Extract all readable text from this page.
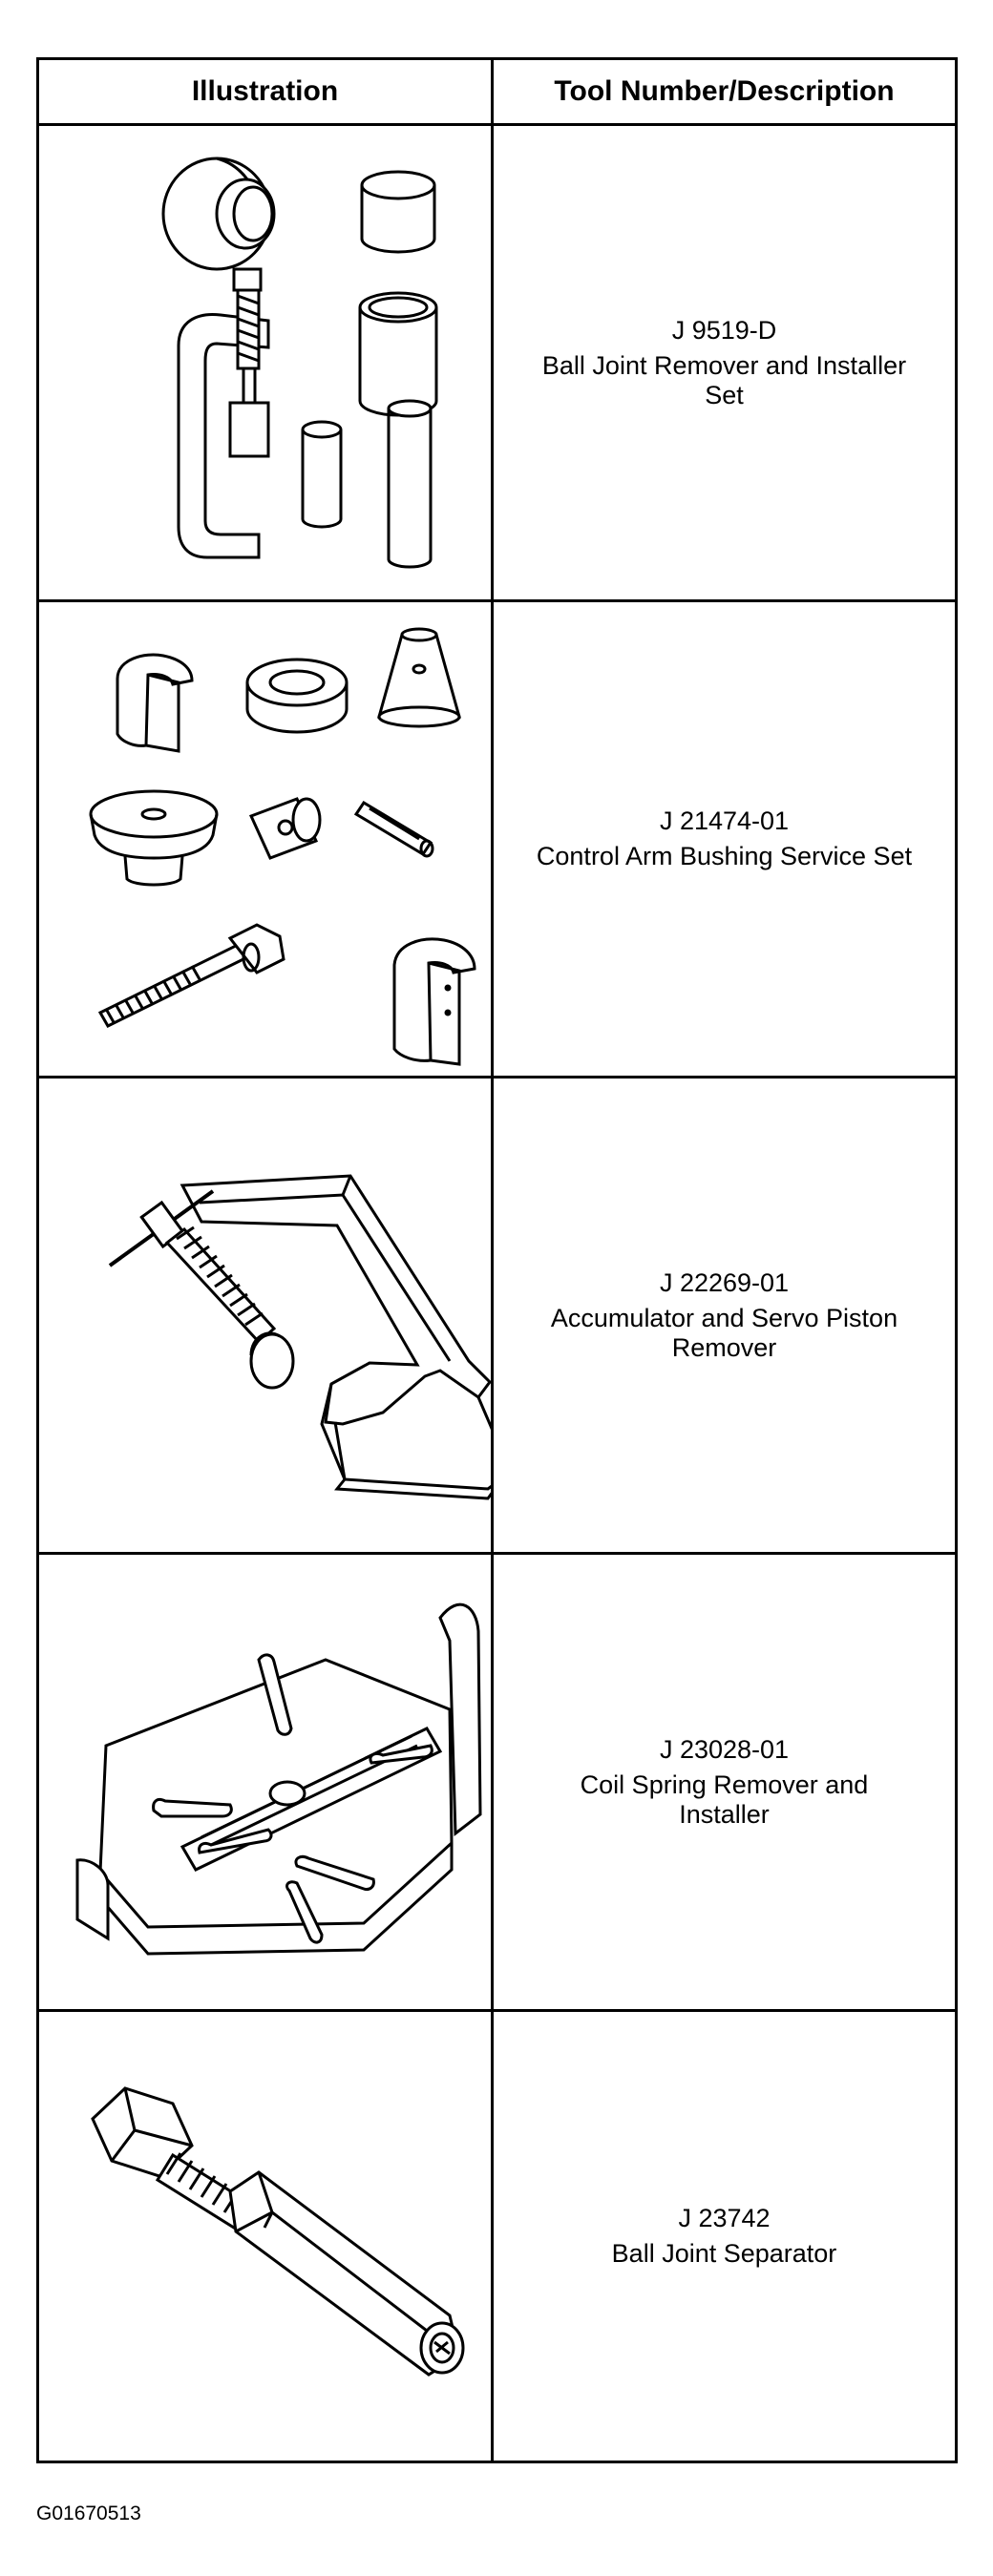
Illustration	Tool Number/Description

J 9519-D
Ball Joint Remover and Installer Set

J 21474-01
Control Arm Bushing Service Set

J 22269-01
Accumulator and Servo Piston Remover

J 23028-01
Coil Spring Remover and Installer

J 23742
Ball Joint Separator
G01670513
